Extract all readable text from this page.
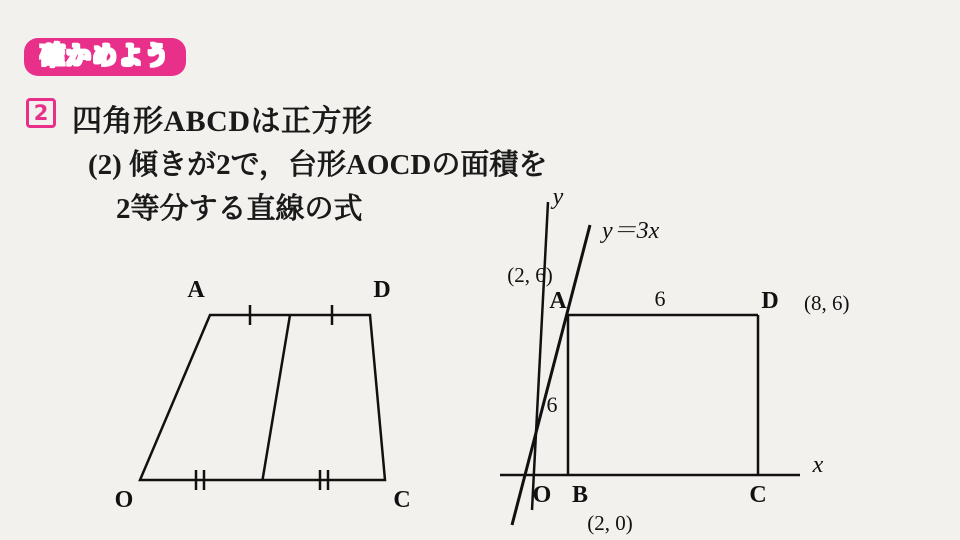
確かめよう
2 四角形ABCDは正方形
(2) 傾きが2で，台形AOCDの面積を
2等分する直線の式
A	D
O	C
y
x
y＝3x
(2, 6)
(2, 0)
(8, 6)
A	D
O B	C
6
6
